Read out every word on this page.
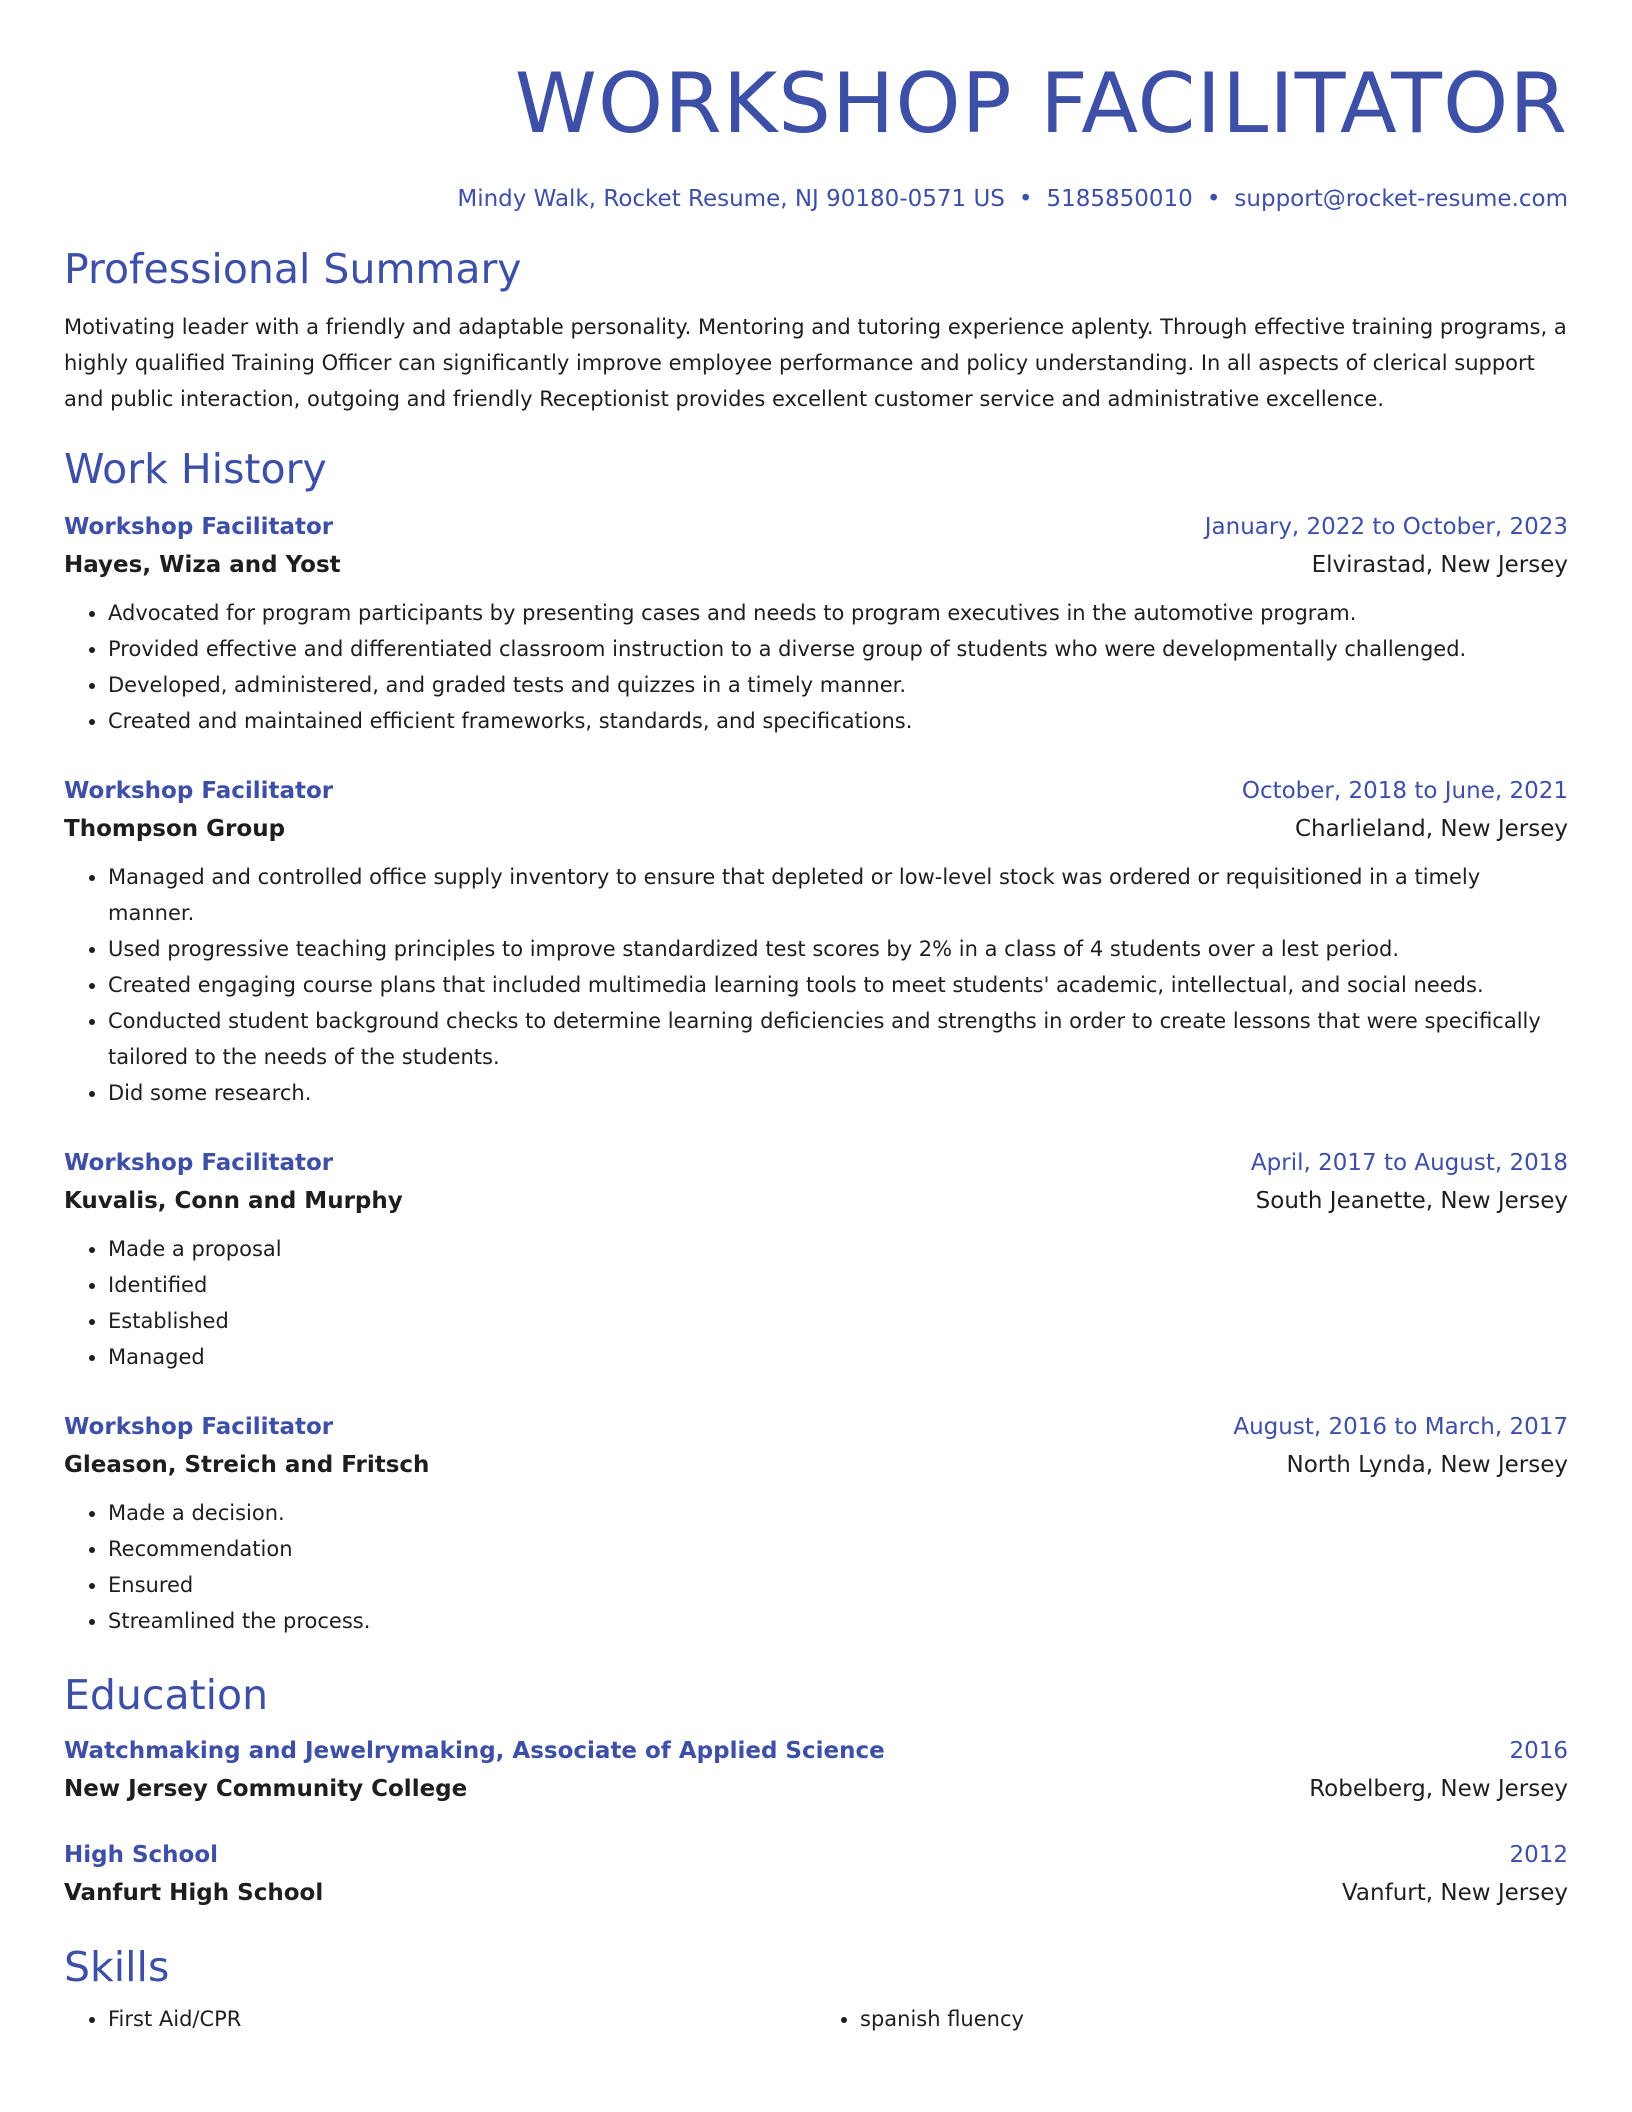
WORKSHOP FACILITATOR
Mindy Walk, Rocket Resume, NJ 90180-0571 US • 5185850010 • support@rocket-resume.com
Professional Summary

Motivating leader with a friendly and adaptable personality. Mentoring and tutoring experience aplenty. Through effective training programs, a highly qualified Training Officer can significantly improve employee performance and policy understanding. In all aspects of clerical support and public interaction, outgoing and friendly Receptionist provides excellent customer service and administrative excellence.

Work History
Workshop Facilitator	January, 2022 to October, 2023
Hayes, Wiza and Yost	Elvirastad, New Jersey
• Advocated for program participants by presenting cases and needs to program executives in the automotive program.
• Provided effective and differentiated classroom instruction to a diverse group of students who were developmentally challenged.
• Developed, administered, and graded tests and quizzes in a timely manner.
• Created and maintained efficient frameworks, standards, and specifications.
Workshop Facilitator	October, 2018 to June, 2021
Thompson Group	Charlieland, New Jersey
• Managed and controlled office supply inventory to ensure that depleted or low-level stock was ordered or requisitioned in a timely manner.
• Used progressive teaching principles to improve standardized test scores by 2% in a class of 4 students over a lest period.
• Created engaging course plans that included multimedia learning tools to meet students' academic, intellectual, and social needs.
• Conducted student background checks to determine learning deficiencies and strengths in order to create lessons that were specifically tailored to the needs of the students.
• Did some research.
Workshop Facilitator	April, 2017 to August, 2018
Kuvalis, Conn and Murphy	South Jeanette, New Jersey
• Made a proposal
• Identified
• Established
• Managed
Workshop Facilitator	August, 2016 to March, 2017
Gleason, Streich and Fritsch	North Lynda, New Jersey
• Made a decision.
• Recommendation
• Ensured
• Streamlined the process.
Education
Watchmaking and Jewelrymaking, Associate of Applied Science	2016
New Jersey Community College	Robelberg, New Jersey
High School	2012
Vanfurt High School	Vanfurt, New Jersey
Skills
• First Aid/CPR
•	spanish fluency
